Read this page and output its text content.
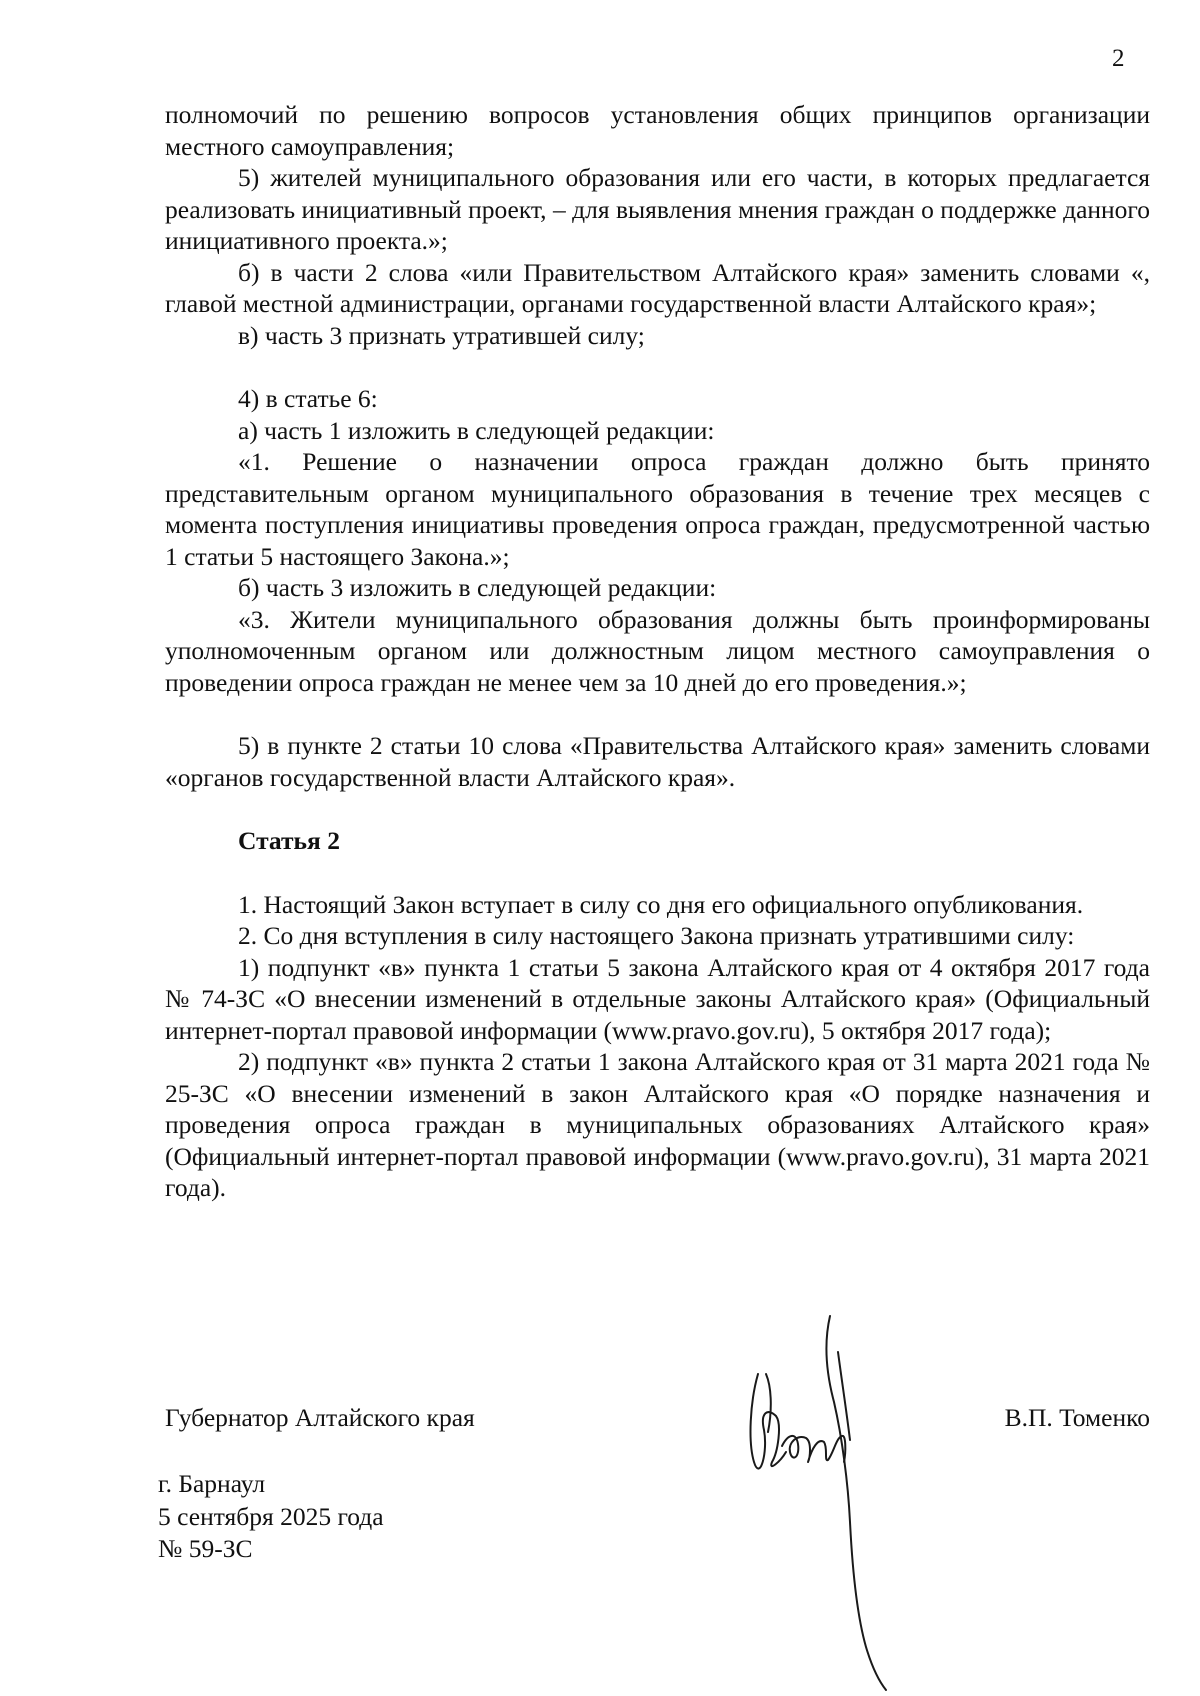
2

полномочий по решению вопросов установления общих принципов организации местного самоуправления;

5) жителей муниципального образования или его части, в которых предлагается реализовать инициативный проект, – для выявления мнения граждан о поддержке данного инициативного проекта.»;

б) в части 2 слова «или Правительством Алтайского края» заменить словами «, главой местной администрации, органами государственной власти Алтайского края»;

в) часть 3 признать утратившей силу;

4) в статье 6:

а) часть 1 изложить в следующей редакции:

«1. Решение о назначении опроса граждан должно быть принято представительным органом муниципального образования в течение трех месяцев с момента поступления инициативы проведения опроса граждан, предусмотренной частью 1 статьи 5 настоящего Закона.»;

б) часть 3 изложить в следующей редакции:

«3. Жители муниципального образования должны быть проинформированы уполномоченным органом или должностным лицом местного самоуправления о проведении опроса граждан не менее чем за 10 дней до его проведения.»;

5) в пункте 2 статьи 10 слова «Правительства Алтайского края» заменить словами «органов государственной власти Алтайского края».

Статья 2

1. Настоящий Закон вступает в силу со дня его официального опубликования.

2. Со дня вступления в силу настоящего Закона признать утратившими силу:

1) подпункт «в» пункта 1 статьи 5 закона Алтайского края от 4 октября 2017 года № 74-ЗС «О внесении изменений в отдельные законы Алтайского края» (Официальный интернет-портал правовой информации (www.pravo.gov.ru), 5 октября 2017 года);

2) подпункт «в» пункта 2 статьи 1 закона Алтайского края от 31 марта 2021 года № 25-ЗС «О внесении изменений в закон Алтайского края «О порядке назначения и проведения опроса граждан в муниципальных образованиях Алтайского края» (Официальный интернет-портал правовой информации (www.pravo.gov.ru), 31 марта 2021 года).

Губернатор Алтайского края	В.П. Томенко
г. Барнаул
5 сентября 2025 года
№ 59-ЗС
